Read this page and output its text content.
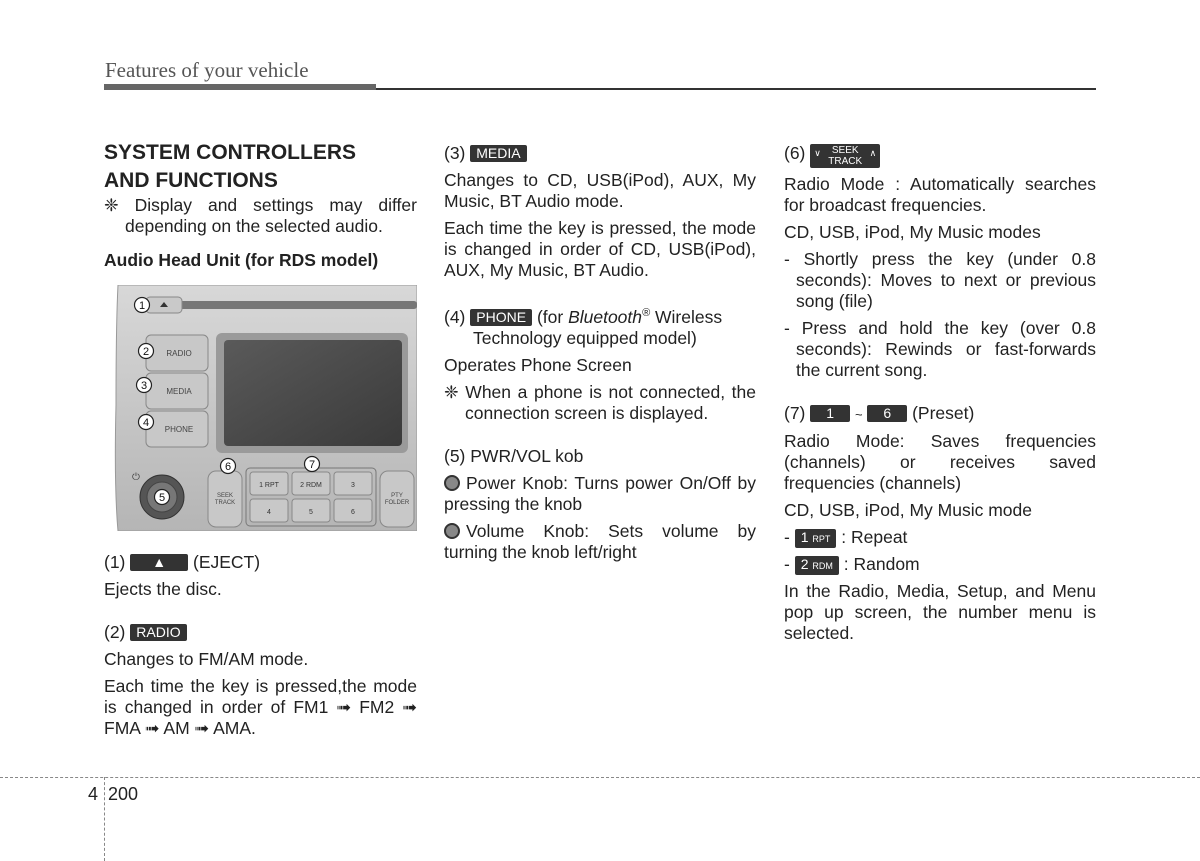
Features of your vehicle

SYSTEM CONTROLLERS

AND FUNCTIONS

❈ Display and settings may differ depending on the selected audio.

Audio Head Unit (for RDS model)

RADIO
MEDIA
PHONE
⏻
SEEK
TRACK
1 RPT	2 RDM	3
4	5	6
PTY
FOLDER
1
2
3
4
5
6	7

(1) ▲ (EJECT)

Ejects the disc.

(2) RADIO

Changes to FM/AM mode.

Each time the key is pressed,the mode is changed in order of FM1 ➟ FM2 ➟ FMA ➟ AM ➟ AMA.

(3) MEDIA

Changes to CD, USB(iPod), AUX, My Music, BT Audio mode.

Each time the key is pressed, the mode is changed in order of CD, USB(iPod), AUX, My Music, BT Audio.

(4) PHONE (for Bluetooth® Wireless

Technology equipped model)

Operates Phone Screen

❈ When a phone is not connected, the connection screen is displayed.

(5) PWR/VOL kob

Power Knob: Turns power On/Off by pressing the knob

Volume Knob: Sets volume by turning the knob left/right

(6) ∨ SEEK
TRACK
∧

Radio Mode : Automatically searches for broadcast frequencies.

CD, USB, iPod, My Music modes

- Shortly press the key (under 0.8 seconds): Moves to next or previous song (file)

- Press and hold the key (over 0.8 seconds): Rewinds or fast-forwards the current song.

(7) 1 ~ 6 (Preset)

Radio Mode: Saves frequencies (channels) or receives saved frequencies (channels)

CD, USB, iPod, My Music mode

- 1 RPT : Repeat

- 2 RDM : Random

In the Radio, Media, Setup, and Menu pop up screen, the number menu is selected.

4 200
